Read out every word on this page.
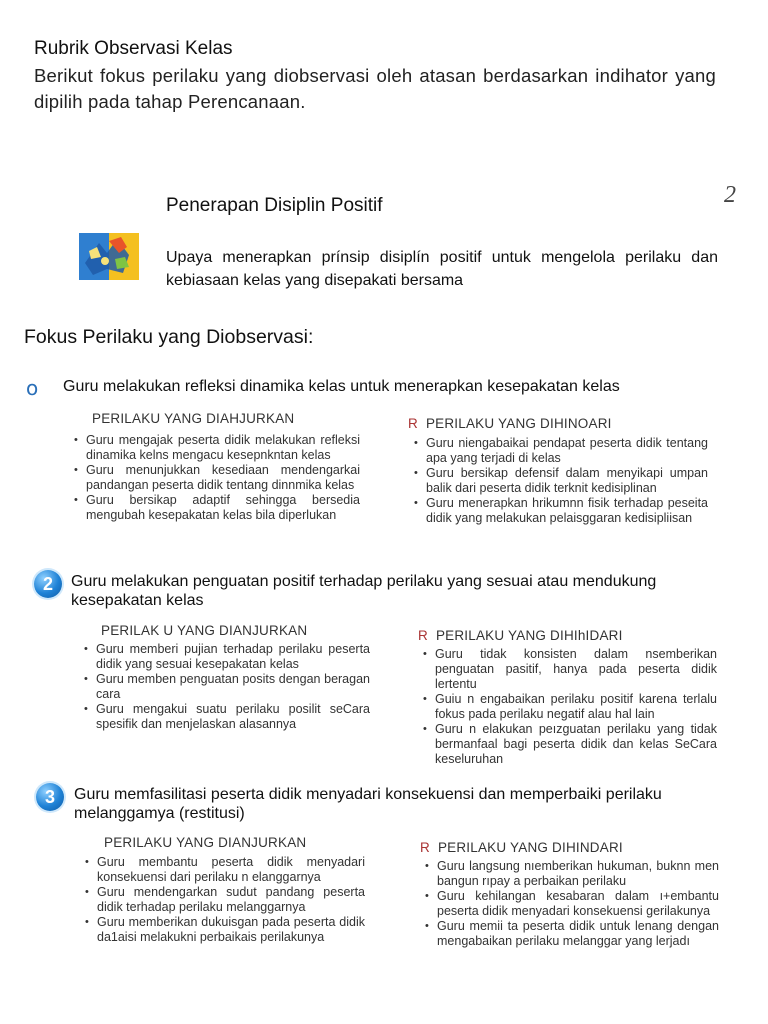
Rubrik Observasi Kelas
Berikut fokus perilaku yang diobservasi oleh atasan berdasarkan indihator yang dipilih pada tahap Perencanaan.
2
Penerapan Disiplin Positif
Upaya menerapkan prínsip disiplín positif untuk mengelola perilaku dan kebiasaan kelas yang disepakati bersama
Fokus Perilaku yang Diobservasi:
o Guru melakukan refleksi dinamika kelas untuk menerapkan kesepakatan kelas
PERILAKU YANG DIAHJURKAN
• Guru mengajak peserta didik melakukan refleksi dinamika kelns mengacu kesepnkntan kelas
• Guru menunjukkan kesediaan mendengarkai pandangan peserta didik tentang dinnmika kelas
• Guru bersikap adaptif sehingga bersedia mengubah kesepakatan kelas bila diperlukan
R PERILAKU YANG DIHINOARI
• Guru niengabaikai pendapat peserta didik tentang apa yang terjadi di kelas
• Guru bersikap defensif dalam menyikapi umpan balik dari peserta didik terknit kedisiplinan
• Guru menerapkan hrikumnn fisik terhadap peseita didik yang melakukan pelaisggaran kedisipliisan
2	Guru melakukan penguatan positif terhadap perilaku yang sesuai atau mendukung kesepakatan kelas
PERILAK U YANG DIANJURKAN
• Guru memberi pujian terhadap perilaku peserta didik yang sesuai kesepakatan kelas
• Guru memben penguatan posits dengan beragan cara
• Guru mengakui suatu perilaku posilit seCara spesifik dan menjelaskan alasannya
R PERILAKU YANG DIHIhIDARI
• Guru tidak konsisten dalam nsemberikan penguatan pasitif, hanya pada peserta didik lertentu
• Guiu n engabaikan perilaku positif karena terlalu fokus pada perilaku negatif alau hal lain
• Guru n elakukan peızguatan perilaku yang tidak bermanfaal bagi peserta didik dan kelas SeCara keseluruhan
3	Guru memfasilitasi peserta didik menyadari konsekuensi dan memperbaiki perilaku melanggamya (restitusi)
PERILAKU YANG DIANJURKAN
• Guru membantu peserta didik menyadari konsekuensi dari perilaku n elanggarnya
• Guru mendengarkan sudut pandang peserta didik terhadap perilaku melanggarnya
• Guru memberikan dukuisgan pada peserta didik da1aisi melakukni perbaikais perilakunya
R PERILAKU YANG DIHINDARI
• Guru langsung nıemberikan hukuman, buknn men bangun rıpay a perbaikan perilaku
• Guru kehilangan kesabaran dalam ı+embantu peserta didik menyadari konsekuensi gerilakunya
• Guru memii ta peserta didik untuk lenang dengan mengabaikan perilaku melanggar yang lerjadı
